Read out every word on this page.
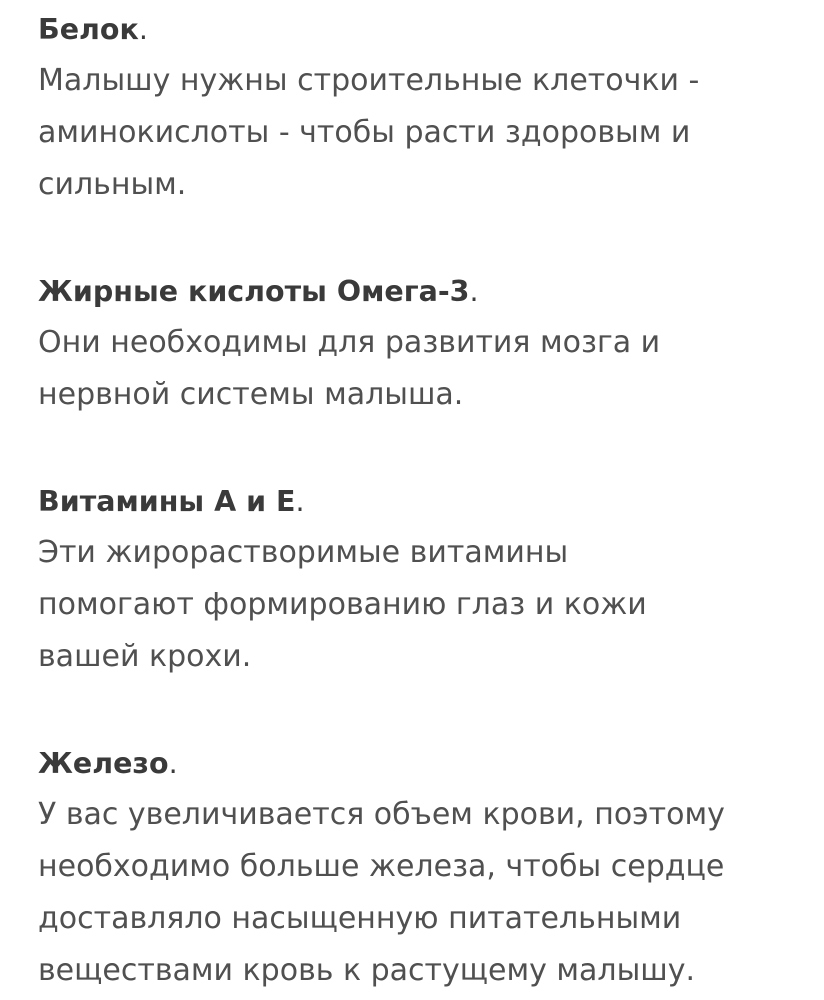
Белок .
Малышу нужны строительные клеточки -
аминокислоты - чтобы расти здоровым и
сильным.
Жирные кислоты Омега-3 .
Они необходимы для развития мозга и
нервной системы малыша.
Витамины А и Е .
Эти жирорастворимые витамины
помогают формированию глаз и кожи
вашей крохи.
Железо .
У вас увеличивается объем крови, поэтому
необходимо больше железа, чтобы сердце
доставляло насыщенную питательными
веществами кровь к растущему малышу.
